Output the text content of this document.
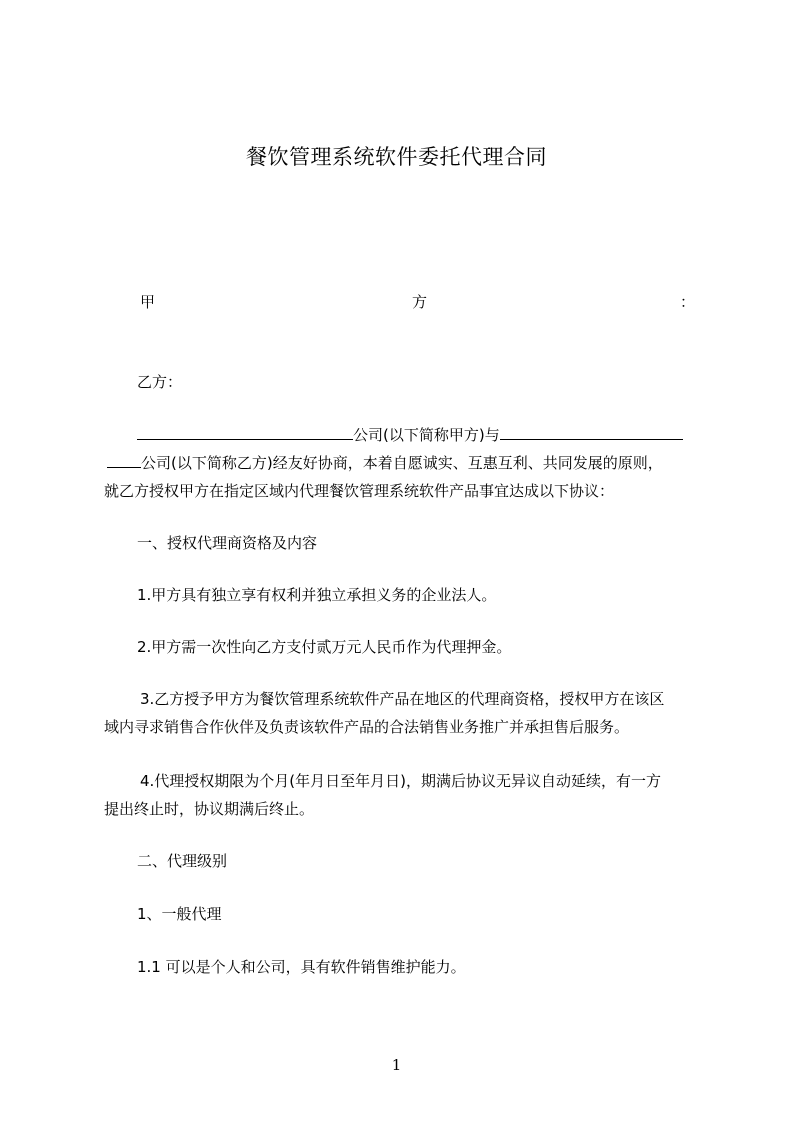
餐饮管理系统软件委托代理合同
甲	方	：
乙方：
公司(以下简称甲方)与
公司(以下简称乙方)经友好协商，本着自愿诚实、互惠互利、共同发展的原则，
就乙方授权甲方在指定区域内代理餐饮管理系统软件产品事宜达成以下协议：
一、授权代理商资格及内容
1.甲方具有独立享有权利并独立承担义务的企业法人。
2.甲方需一次性向乙方支付贰万元人民币作为代理押金。
3.乙方授予甲方为餐饮管理系统软件产品在地区的代理商资格，授权甲方在该区
域内寻求销售合作伙伴及负责该软件产品的合法销售业务推广并承担售后服务。
4.代理授权期限为个月(年月日至年月日)，期满后协议无异议自动延续，有一方
提出终止时，协议期满后终止。
二、代理级别
1、一般代理
1.1 可以是个人和公司，具有软件销售维护能力。
1
